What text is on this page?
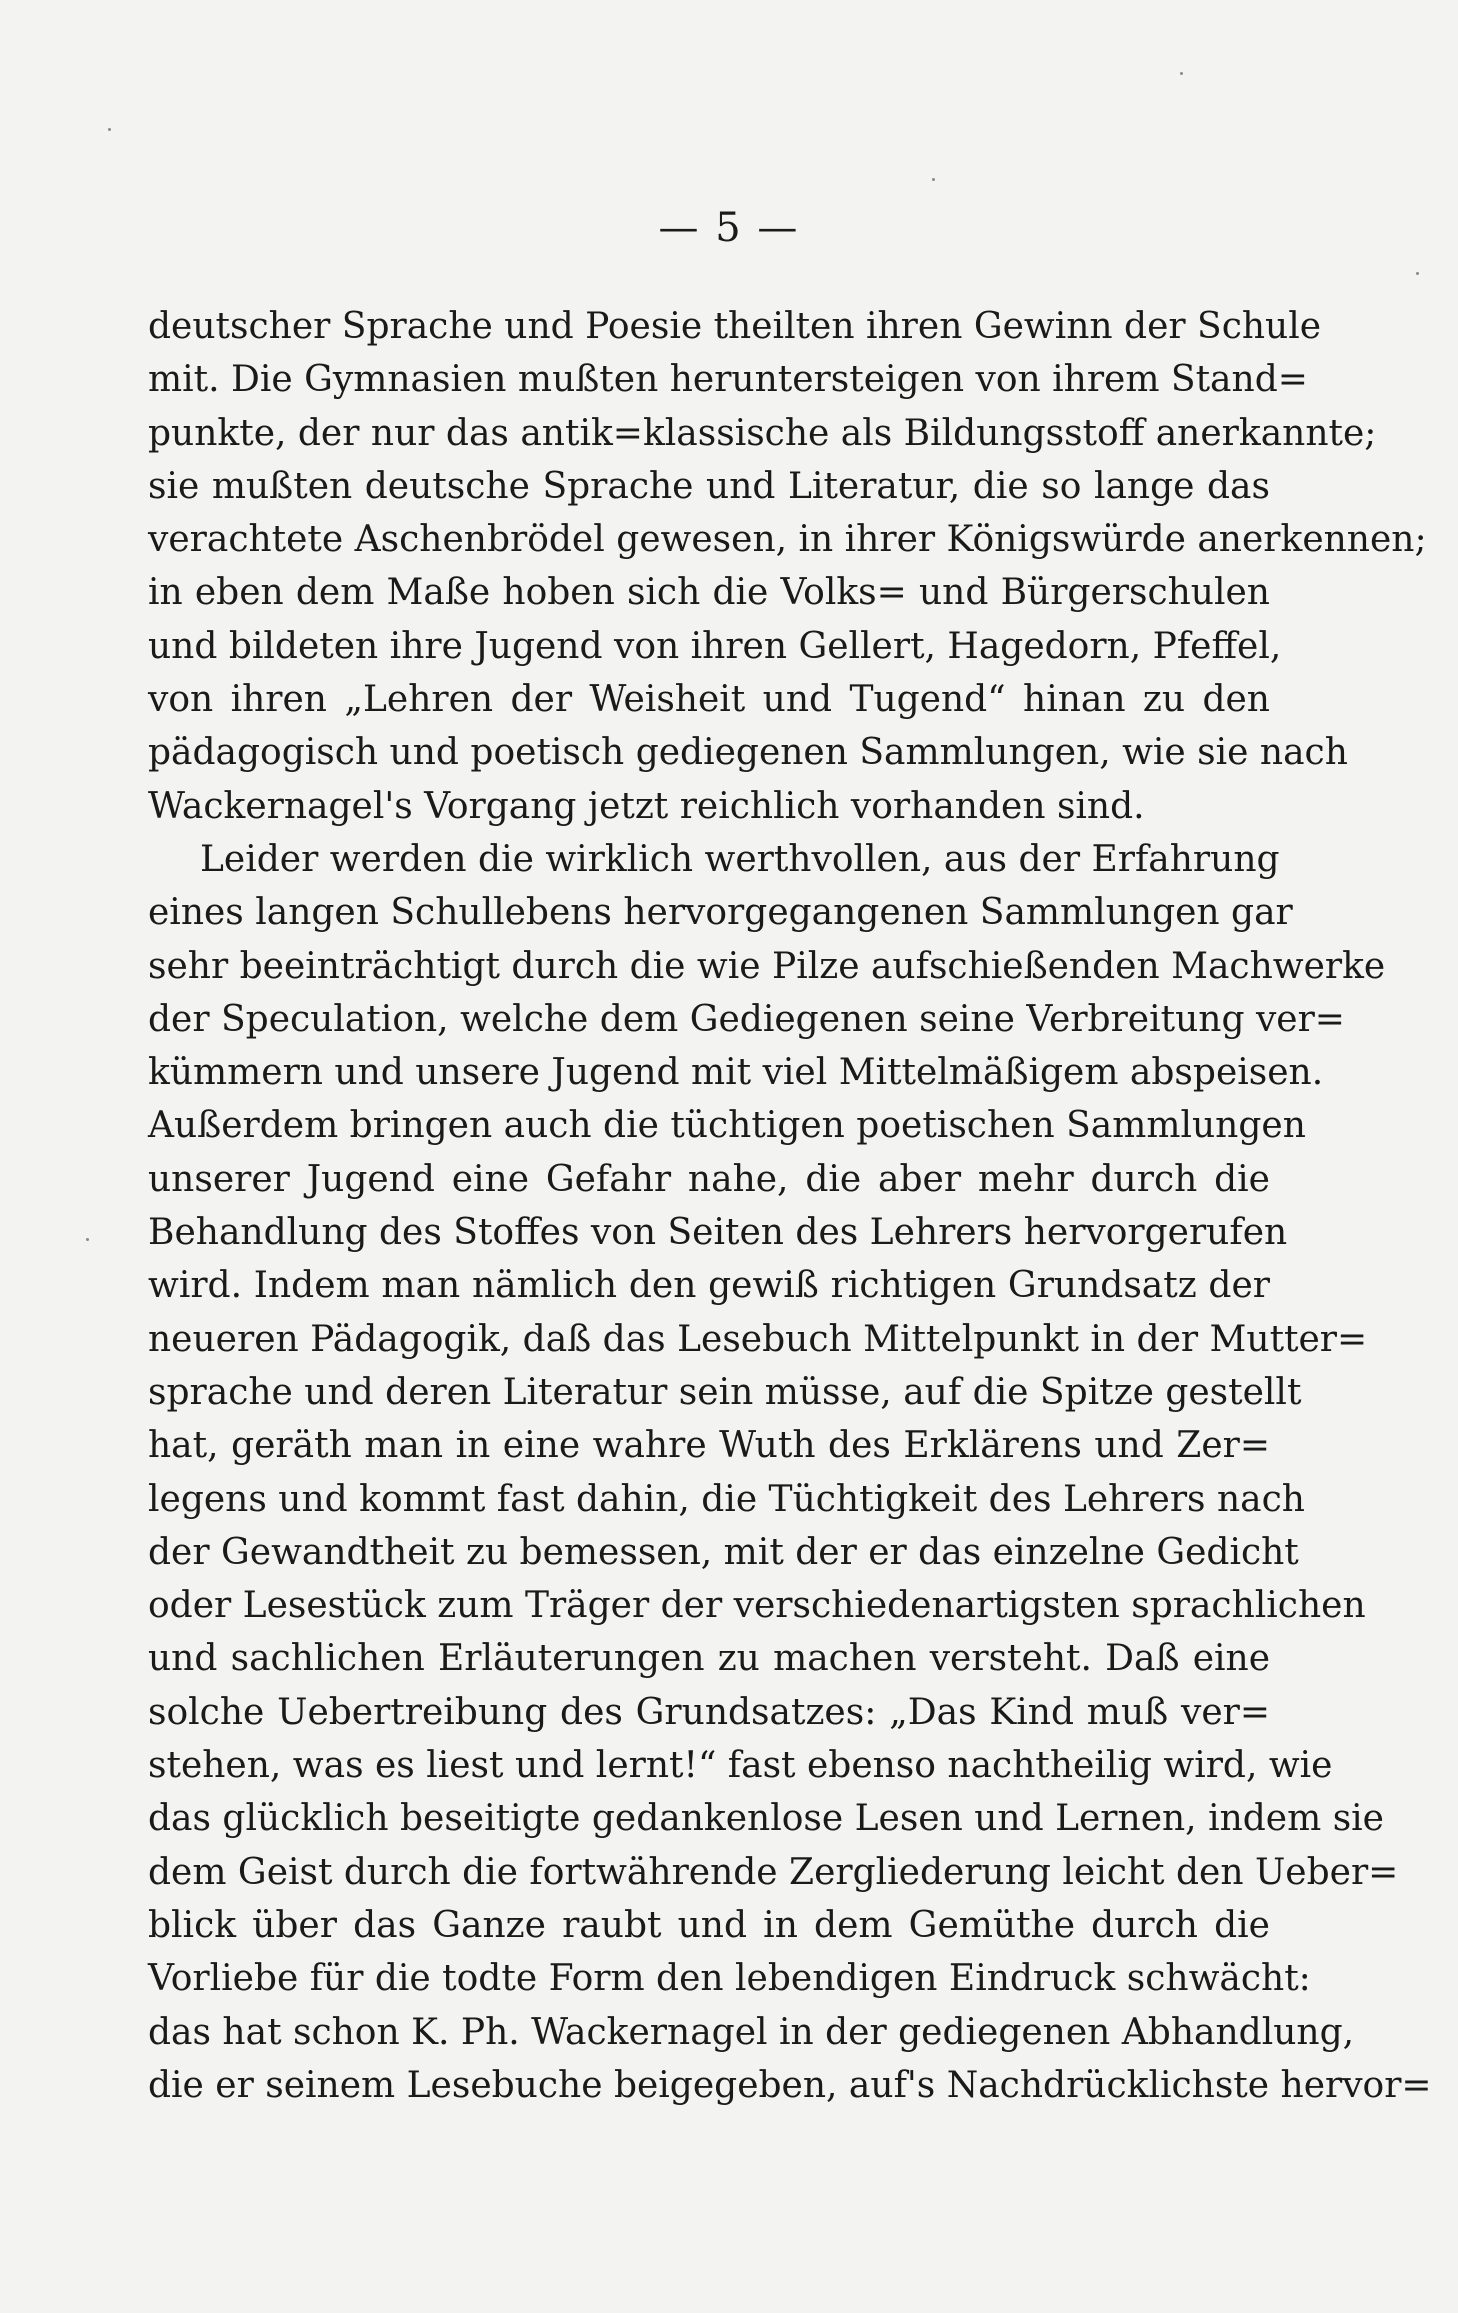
— 5 —
deutscher Sprache und Poesie theilten ihren Gewinn der Schule
mit. Die Gymnasien mußten heruntersteigen von ihrem Stand=
punkte, der nur das antik=klassische als Bildungsstoff anerkannte;
sie mußten deutsche Sprache und Literatur, die so lange das
verachtete Aschenbrödel gewesen, in ihrer Königswürde anerkennen;
in eben dem Maße hoben sich die Volks= und Bürgerschulen
und bildeten ihre Jugend von ihren Gellert, Hagedorn, Pfeffel,
von ihren „Lehren der Weisheit und Tugend“ hinan zu den
pädagogisch und poetisch gediegenen Sammlungen, wie sie nach
Wackernagel's Vorgang jetzt reichlich vorhanden sind.
Leider werden die wirklich werthvollen, aus der Erfahrung
eines langen Schullebens hervorgegangenen Sammlungen gar
sehr beeinträchtigt durch die wie Pilze aufschießenden Machwerke
der Speculation, welche dem Gediegenen seine Verbreitung ver=
kümmern und unsere Jugend mit viel Mittelmäßigem abspeisen.
Außerdem bringen auch die tüchtigen poetischen Sammlungen
unserer Jugend eine Gefahr nahe, die aber mehr durch die
Behandlung des Stoffes von Seiten des Lehrers hervorgerufen
wird. Indem man nämlich den gewiß richtigen Grundsatz der
neueren Pädagogik, daß das Lesebuch Mittelpunkt in der Mutter=
sprache und deren Literatur sein müsse, auf die Spitze gestellt
hat, geräth man in eine wahre Wuth des Erklärens und Zer=
legens und kommt fast dahin, die Tüchtigkeit des Lehrers nach
der Gewandtheit zu bemessen, mit der er das einzelne Gedicht
oder Lesestück zum Träger der verschiedenartigsten sprachlichen
und sachlichen Erläuterungen zu machen versteht. Daß eine
solche Uebertreibung des Grundsatzes: „Das Kind muß ver=
stehen, was es liest und lernt!“ fast ebenso nachtheilig wird, wie
das glücklich beseitigte gedankenlose Lesen und Lernen, indem sie
dem Geist durch die fortwährende Zergliederung leicht den Ueber=
blick über das Ganze raubt und in dem Gemüthe durch die
Vorliebe für die todte Form den lebendigen Eindruck schwächt:
das hat schon K. Ph. Wackernagel in der gediegenen Abhandlung,
die er seinem Lesebuche beigegeben, auf's Nachdrücklichste hervor=
